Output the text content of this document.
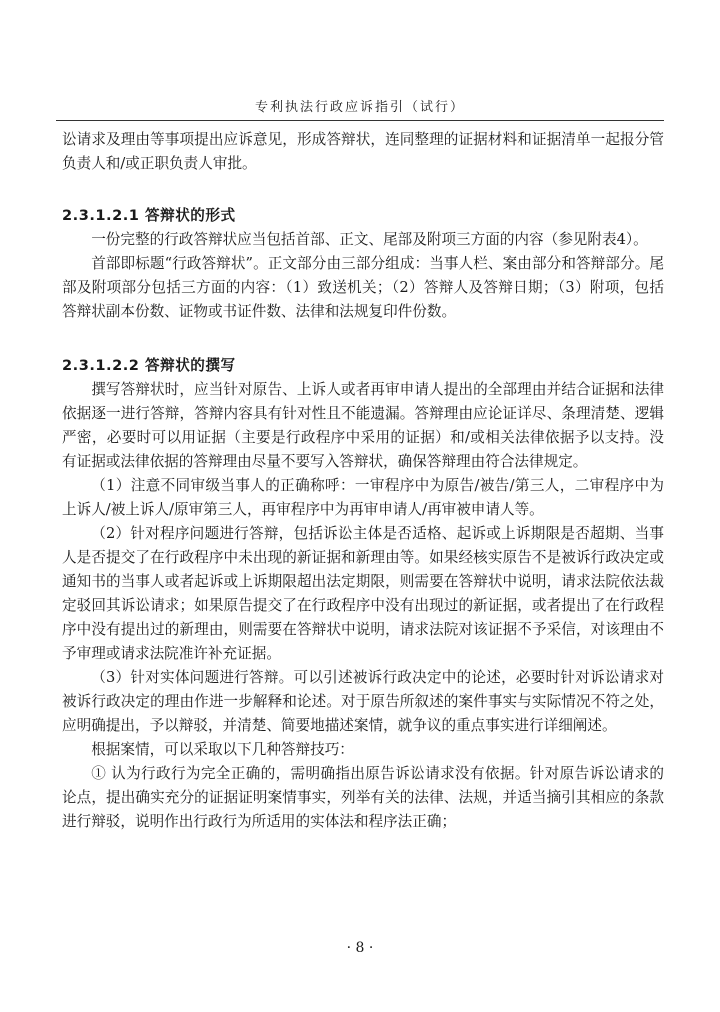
专利执法行政应诉指引（试行）

讼请求及理由等事项提出应诉意见，形成答辩状，连同整理的证据材料和证据清单一起报分管负责人和/或正职负责人审批。

2.3.1.2.1 答辩状的形式

一份完整的行政答辩状应当包括首部、正文、尾部及附项三方面的内容（参见附表4）。

首部即标题“行政答辩状”。正文部分由三部分组成：当事人栏、案由部分和答辩部分。尾部及附项部分包括三方面的内容：（1）致送机关；（2）答辩人及答辩日期；（3）附项，包括答辩状副本份数、证物或书证件数、法律和法规复印件份数。

2.3.1.2.2 答辩状的撰写

撰写答辩状时，应当针对原告、上诉人或者再审申请人提出的全部理由并结合证据和法律依据逐一进行答辩，答辩内容具有针对性且不能遗漏。答辩理由应论证详尽、条理清楚、逻辑严密，必要时可以用证据（主要是行政程序中采用的证据）和/或相关法律依据予以支持。没有证据或法律依据的答辩理由尽量不要写入答辩状，确保答辩理由符合法律规定。

（1）注意不同审级当事人的正确称呼：一审程序中为原告/被告/第三人，二审程序中为上诉人/被上诉人/原审第三人，再审程序中为再审申请人/再审被申请人等。

（2）针对程序问题进行答辩，包括诉讼主体是否适格、起诉或上诉期限是否超期、当事人是否提交了在行政程序中未出现的新证据和新理由等。如果经核实原告不是被诉行政决定或通知书的当事人或者起诉或上诉期限超出法定期限，则需要在答辩状中说明，请求法院依法裁定驳回其诉讼请求；如果原告提交了在行政程序中没有出现过的新证据，或者提出了在行政程序中没有提出过的新理由，则需要在答辩状中说明，请求法院对该证据不予采信，对该理由不予审理或请求法院准许补充证据。

（3）针对实体问题进行答辩。可以引述被诉行政决定中的论述，必要时针对诉讼请求对被诉行政决定的理由作进一步解释和论述。对于原告所叙述的案件事实与实际情况不符之处，应明确提出，予以辩驳，并清楚、简要地描述案情，就争议的重点事实进行详细阐述。

根据案情，可以采取以下几种答辩技巧：

① 认为行政行为完全正确的，需明确指出原告诉讼请求没有依据。针对原告诉讼请求的论点，提出确实充分的证据证明案情事实，列举有关的法律、法规，并适当摘引其相应的条款进行辩驳，说明作出行政行为所适用的实体法和程序法正确；

· 8 ·
